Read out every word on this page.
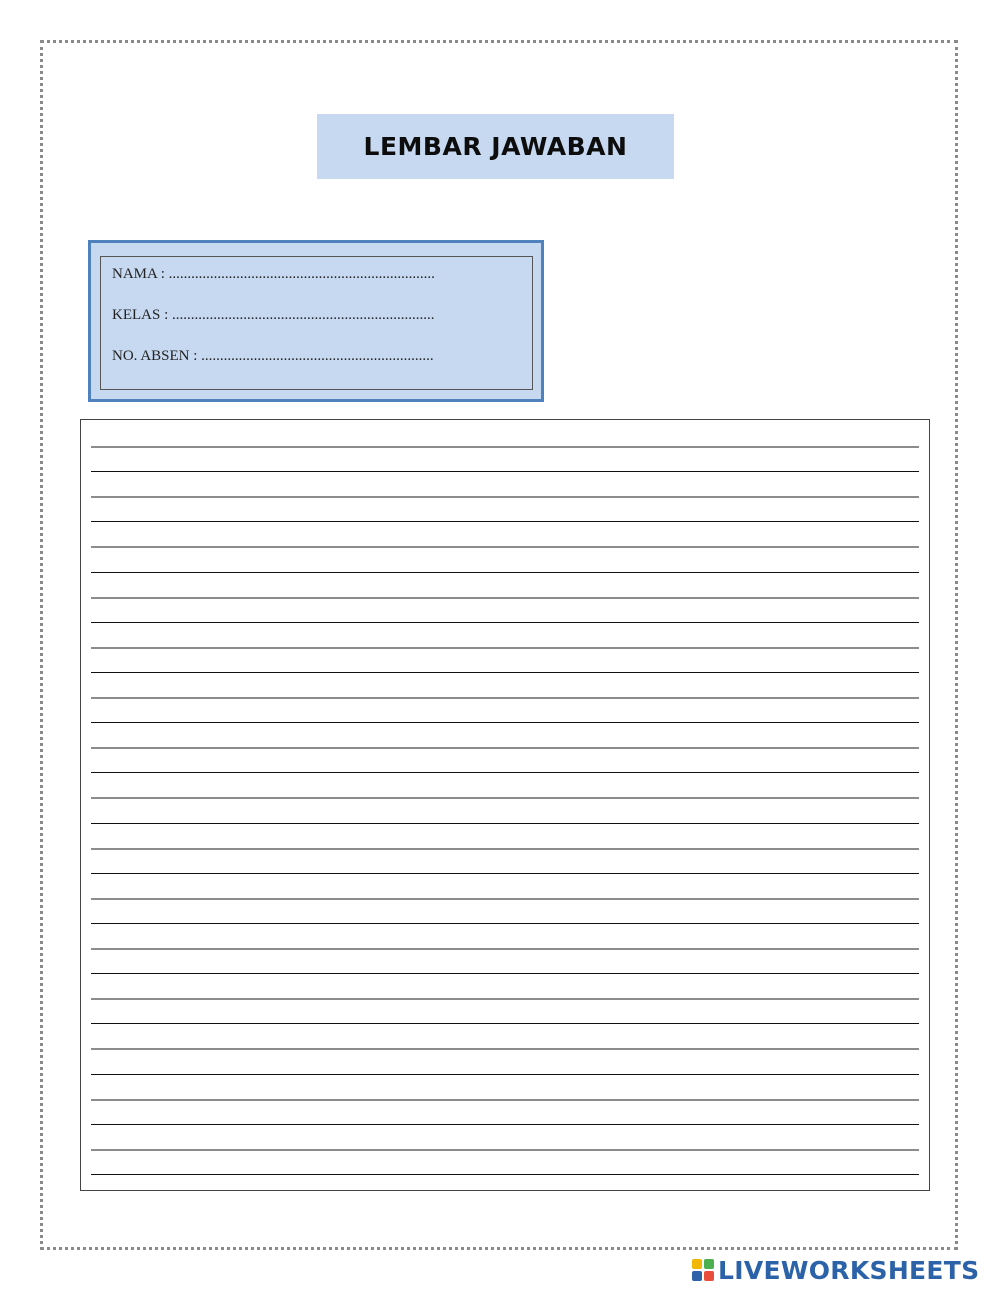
LEMBAR JAWABAN
NAMA : .......................................................................
KELAS : ......................................................................
NO. ABSEN : ..............................................................
LIVEWORKSHEETS
